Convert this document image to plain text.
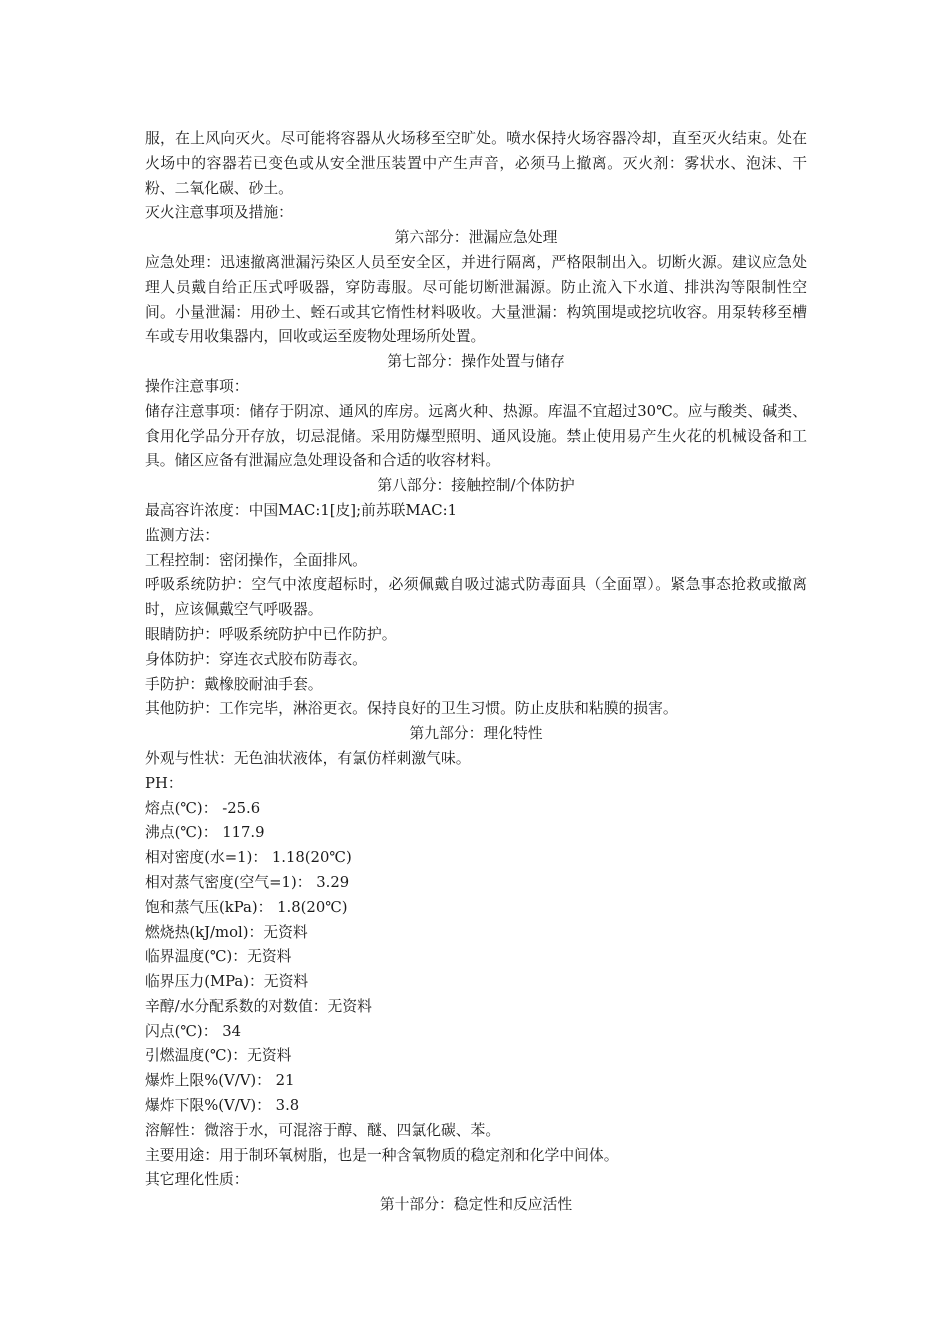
服，在上风向灭火。尽可能将容器从火场移至空旷处。喷水保持火场容器冷却，直至灭火结束。处在火场中的容器若已变色或从安全泄压装置中产生声音，必须马上撤离。灭火剂：雾状水、泡沫、干粉、二氧化碳、砂土。

灭火注意事项及措施：

第六部分：泄漏应急处理

应急处理：迅速撤离泄漏污染区人员至安全区，并进行隔离，严格限制出入。切断火源。建议应急处理人员戴自给正压式呼吸器，穿防毒服。尽可能切断泄漏源。防止流入下水道、排洪沟等限制性空间。小量泄漏：用砂土、蛭石或其它惰性材料吸收。大量泄漏：构筑围堤或挖坑收容。用泵转移至槽车或专用收集器内，回收或运至废物处理场所处置。

第七部分：操作处置与储存

操作注意事项：

储存注意事项：储存于阴凉、通风的库房。远离火种、热源。库温不宜超过30℃。应与酸类、碱类、食用化学品分开存放，切忌混储。采用防爆型照明、通风设施。禁止使用易产生火花的机械设备和工具。储区应备有泄漏应急处理设备和合适的收容材料。

第八部分：接触控制/个体防护

最高容许浓度：中国MAC:1[皮];前苏联MAC:1

监测方法：

工程控制：密闭操作，全面排风。

呼吸系统防护：空气中浓度超标时，必须佩戴自吸过滤式防毒面具（全面罩）。紧急事态抢救或撤离时，应该佩戴空气呼吸器。

眼睛防护：呼吸系统防护中已作防护。

身体防护：穿连衣式胶布防毒衣。

手防护：戴橡胶耐油手套。

其他防护：工作完毕，淋浴更衣。保持良好的卫生习惯。防止皮肤和粘膜的损害。

第九部分：理化特性

外观与性状：无色油状液体，有氯仿样刺激气味。

PH：

熔点(℃)： -25.6

沸点(℃)： 117.9

相对密度(水=1)： 1.18(20℃)

相对蒸气密度(空气=1)： 3.29

饱和蒸气压(kPa)： 1.8(20℃)

燃烧热(kJ/mol)：无资料

临界温度(℃)：无资料

临界压力(MPa)：无资料

辛醇/水分配系数的对数值：无资料

闪点(℃)： 34

引燃温度(℃)：无资料

爆炸上限%(V/V)： 21

爆炸下限%(V/V)： 3.8

溶解性：微溶于水，可混溶于醇、醚、四氯化碳、苯。

主要用途：用于制环氧树脂，也是一种含氧物质的稳定剂和化学中间体。

其它理化性质：

第十部分：稳定性和反应活性
